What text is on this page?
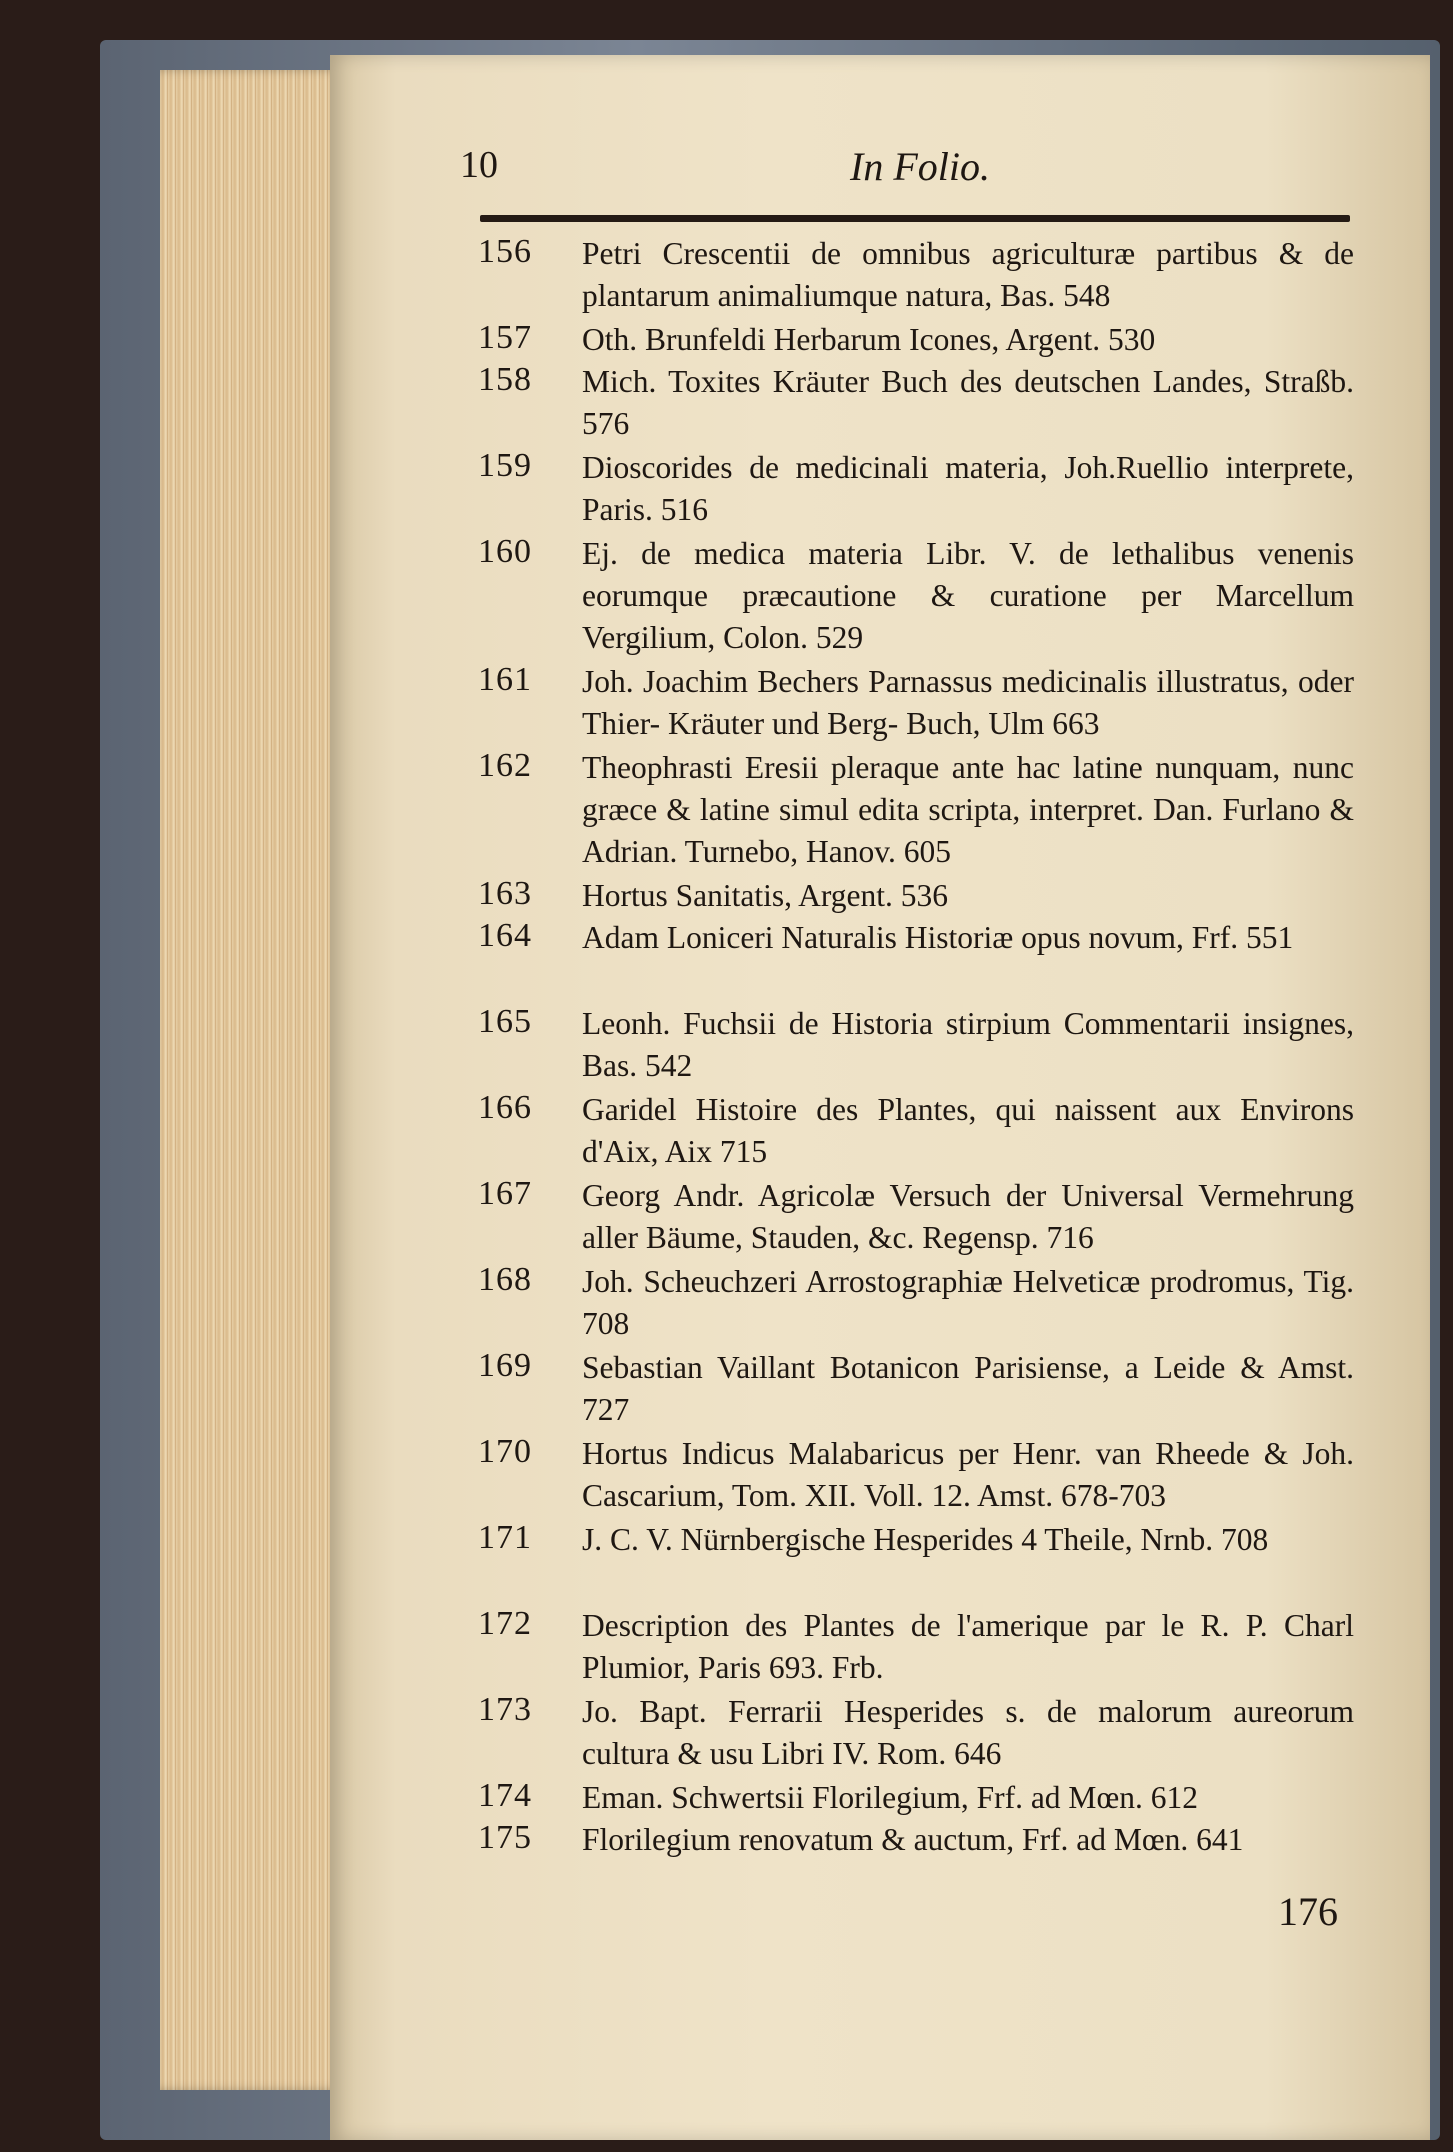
10	In Folio.
156	Petri Crescentii de omnibus agriculturæ partibus & de plantarum animaliumque natura, Bas. 548
157	Oth. Brunfeldi Herbarum Icones, Argent. 530
158	Mich. Toxites Kräuter Buch des deutschen Landes, Straßb. 576
159	Dioscorides de medicinali materia, Joh.Ruellio interprete, Paris. 516
160	Ej. de medica materia Libr. V. de lethalibus venenis eorumque præcautione & curatione per Marcellum Vergilium, Colon. 529
161	Joh. Joachim Bechers Parnassus medicinalis illustratus, oder Thier- Kräuter und Berg- Buch, Ulm 663
162	Theophrasti Eresii pleraque ante hac latine nunquam, nunc græce & latine simul edita scripta, interpret. Dan. Furlano & Adrian. Turnebo, Hanov. 605
163	Hortus Sanitatis, Argent. 536
164	Adam Loniceri Naturalis Historiæ opus novum, Frf. 551
165	Leonh. Fuchsii de Historia stirpium Commentarii insignes, Bas. 542
166	Garidel Histoire des Plantes, qui naissent aux Environs d'Aix, Aix 715
167	Georg Andr. Agricolæ Versuch der Universal Vermehrung aller Bäume, Stauden, &c. Regensp. 716
168	Joh. Scheuchzeri Arrostographiæ Helveticæ prodromus, Tig. 708
169	Sebastian Vaillant Botanicon Parisiense, a Leide & Amst. 727
170	Hortus Indicus Malabaricus per Henr. van Rheede & Joh. Cascarium, Tom. XII. Voll. 12. Amst. 678-703
171	J. C. V. Nürnbergische Hesperides 4 Theile, Nrnb. 708
172	Description des Plantes de l'amerique par le R. P. Charl Plumior, Paris 693. Frb.
173	Jo. Bapt. Ferrarii Hesperides s. de malorum aureorum cultura & usu Libri IV. Rom. 646
174	Eman. Schwertsii Florilegium, Frf. ad Mœn. 612
175	Florilegium renovatum & auctum, Frf. ad Mœn. 641
176
